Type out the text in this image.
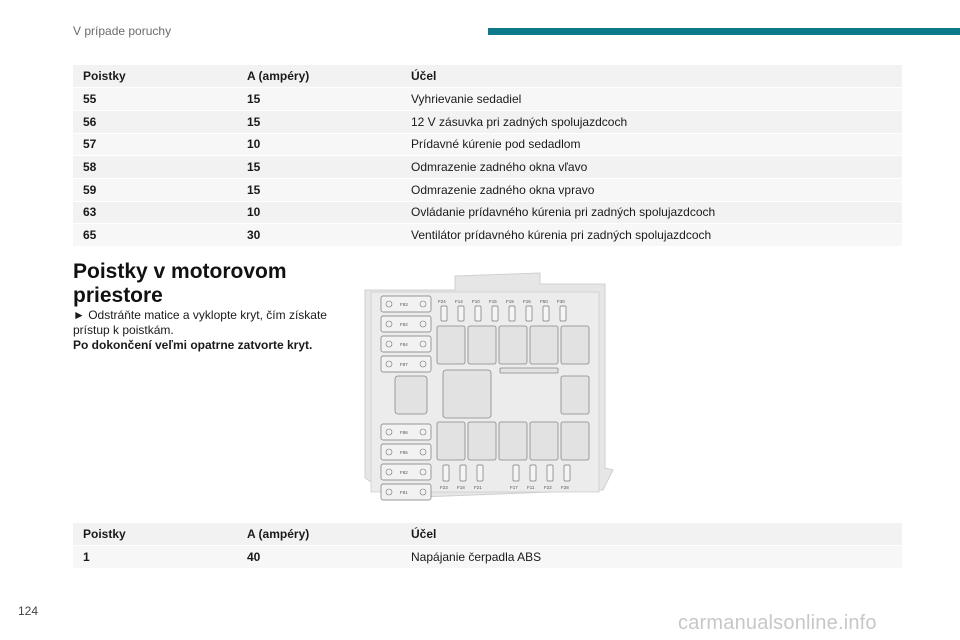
V prípade poruchy
Poistky	A (ampéry)	Účel
55	15	Vyhrievanie sedadiel
56	15	12 V zásuvka pri zadných spolujazdcoch
57	10	Prídavné kúrenie pod sedadlom
58	15	Odmrazenie zadného okna vľavo
59	15	Odmrazenie zadného okna vpravo
63	10	Ovládanie prídavného kúrenia pri zadných spolujazdcoch
65	30	Ventilátor prídavného kúrenia pri zadných spolujazdcoch
Poistky v motorovom priestore
► Odstráňte matice a vyklopte kryt, čím získate prístup k poistkám.
Po dokončení veľmi opatrne zatvorte kryt.
F24 F14 F10 F15 F19 F16 F50 F30
F23 F18 F21	F17 F11 F22 F28
F83
F82
F84
F87
F86
F85
F82
F81
Poistky	A (ampéry)	Účel
1	40	Napájanie čerpadla ABS
124
carmanualsonline.info
